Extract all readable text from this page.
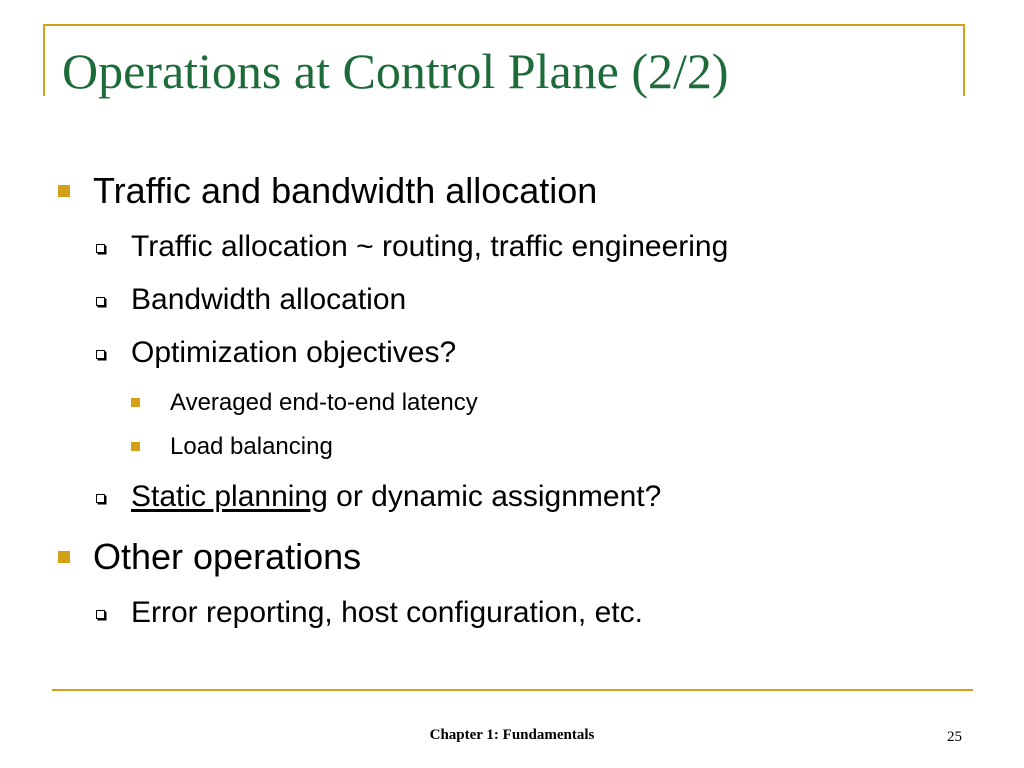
Operations at Control Plane (2/2)
Traffic and bandwidth allocation
Traffic allocation ~ routing, traffic engineering
Bandwidth allocation
Optimization objectives?
Averaged end-to-end latency
Load balancing
Static planning or dynamic assignment?
Other operations
Error reporting, host configuration, etc.
Chapter 1: Fundamentals	25
